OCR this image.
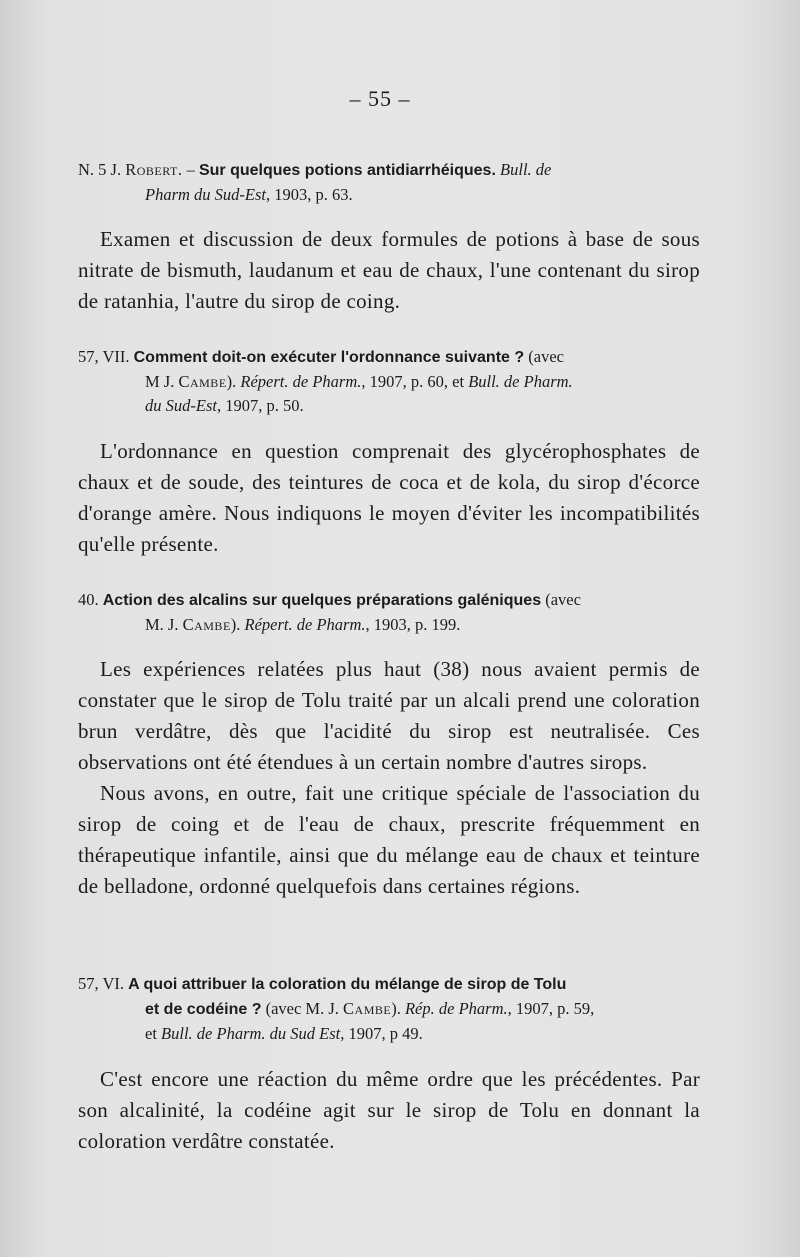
– 55 –
N. 5 J. Robert. – Sur quelques potions antidiarrhéiques. Bull. de
Pharm du Sud-Est, 1903, p. 63.

Examen et discussion de deux formules de potions à base de sous nitrate de bismuth, laudanum et eau de chaux, l'une contenant du sirop de ratanhia, l'autre du sirop de coing.

57, VII. Comment doit-on exécuter l'ordonnance suivante ? (avec
M J. Cambe). Répert. de Pharm., 1907, p. 60, et Bull. de Pharm.
du Sud-Est, 1907, p. 50.

L'ordonnance en question comprenait des glycérophosphates de chaux et de soude, des teintures de coca et de kola, du sirop d'écorce d'orange amère. Nous indiquons le moyen d'éviter les incompatibilités qu'elle présente.

40. Action des alcalins sur quelques préparations galéniques (avec
M. J. Cambe). Répert. de Pharm., 1903, p. 199.

Les expériences relatées plus haut (38) nous avaient permis de constater que le sirop de Tolu traité par un alcali prend une coloration brun verdâtre, dès que l'acidité du sirop est neutralisée. Ces observations ont été étendues à un certain nombre d'autres sirops.

Nous avons, en outre, fait une critique spéciale de l'association du sirop de coing et de l'eau de chaux, prescrite fréquemment en thérapeutique infantile, ainsi que du mélange eau de chaux et teinture de belladone, ordonné quelquefois dans certaines régions.

57, VI. A quoi attribuer la coloration du mélange de sirop de Tolu
et de codéine ? (avec M. J. Cambe). Rép. de Pharm., 1907, p. 59,
et Bull. de Pharm. du Sud Est, 1907, p 49.

C'est encore une réaction du même ordre que les précédentes. Par son alcalinité, la codéine agit sur le sirop de Tolu en donnant la coloration verdâtre constatée.
